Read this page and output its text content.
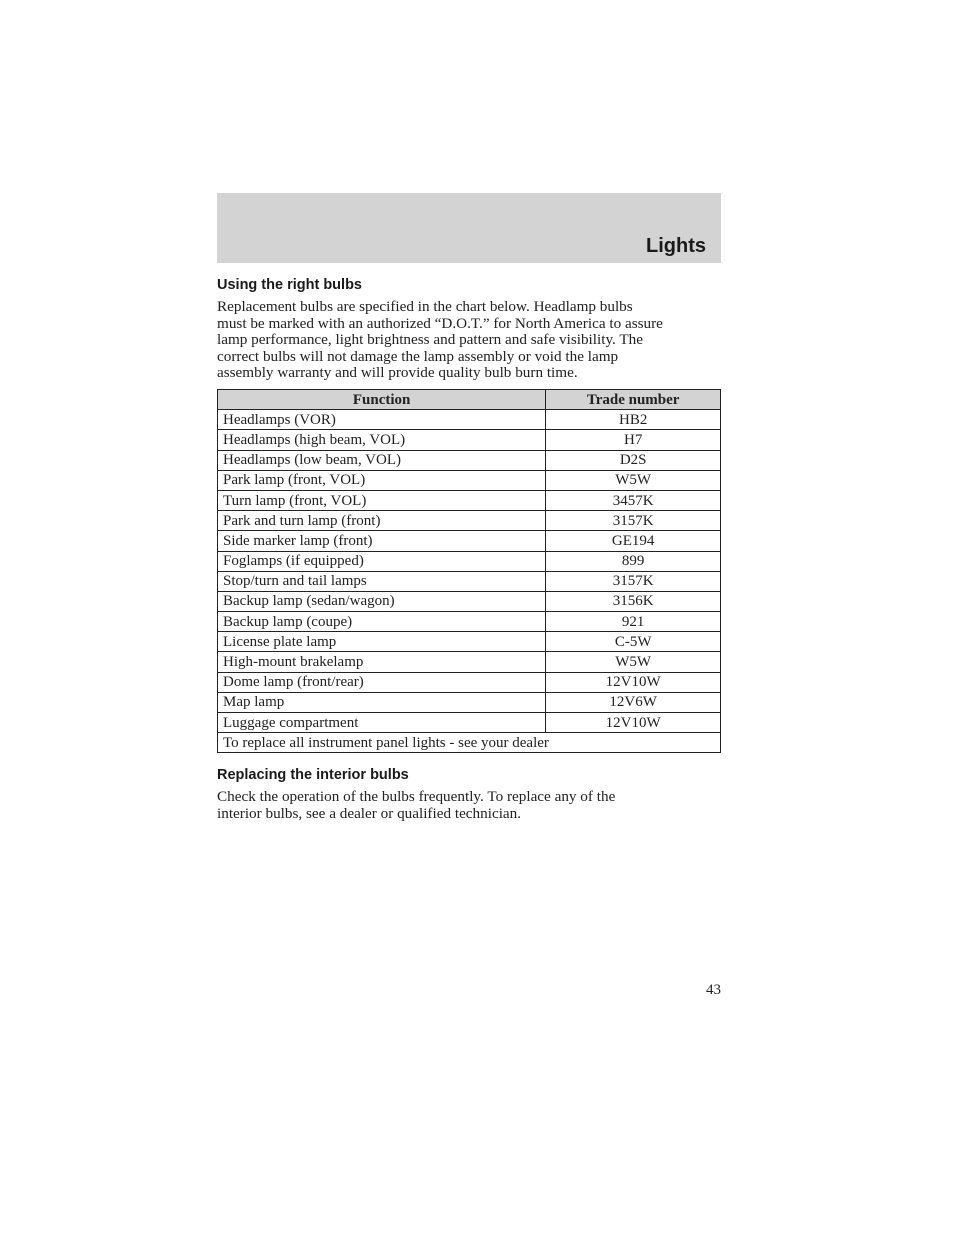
Lights
Using the right bulbs
Replacement bulbs are specified in the chart below. Headlamp bulbs
must be marked with an authorized “D.O.T.” for North America to assure
lamp performance, light brightness and pattern and safe visibility. The
correct bulbs will not damage the lamp assembly or void the lamp
assembly warranty and will provide quality bulb burn time.
Function	Trade number
Headlamps (VOR)	HB2
Headlamps (high beam, VOL)	H7
Headlamps (low beam, VOL)	D2S
Park lamp (front, VOL)	W5W
Turn lamp (front, VOL)	3457K
Park and turn lamp (front)	3157K
Side marker lamp (front)	GE194
Foglamps (if equipped)	899
Stop/turn and tail lamps	3157K
Backup lamp (sedan/wagon)	3156K
Backup lamp (coupe)	921
License plate lamp	C-5W
High-mount brakelamp	W5W
Dome lamp (front/rear)	12V10W
Map lamp	12V6W
Luggage compartment	12V10W
To replace all instrument panel lights - see your dealer	
Replacing the interior bulbs
Check the operation of the bulbs frequently. To replace any of the
interior bulbs, see a dealer or qualified technician.
43
